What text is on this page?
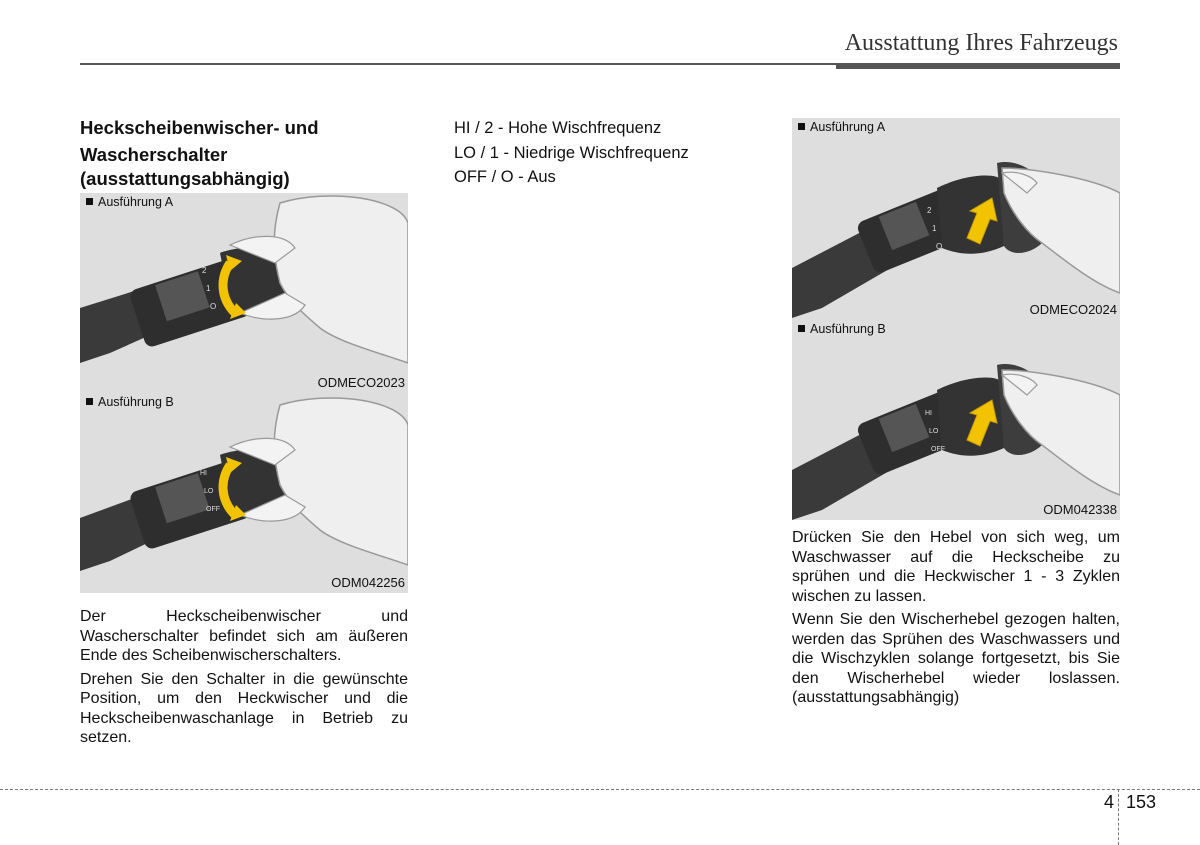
Ausstattung Ihres Fahrzeugs
Heckscheibenwischer- und
Wascherschalter
(ausstattungsabhängig)
2
1
O
Ausführung A
ODMECO2023
AUTO
HI
LO
OFF
Ausführung B
ODM042256

Der Heckscheibenwischer und Wascherschalter befindet sich am äußeren Ende des Scheibenwischerschalters.

Drehen Sie den Schalter in die gewünschte Position, um den Heckwischer und die Heckscheibenwaschanlage in Betrieb zu setzen.

HI / 2 - Hohe Wischfrequenz
LO / 1 - Niedrige Wischfrequenz
OFF / O - Aus
2
1
O
Ausführung A
ODMECO2024
HI
LO
OFF
Ausführung B
ODM042338

Drücken Sie den Hebel von sich weg, um Waschwasser auf die Heckscheibe zu sprühen und die Heckwischer 1 - 3 Zyklen wischen zu lassen.

Wenn Sie den Wischerhebel gezogen halten, werden das Sprühen des Waschwassers und die Wischzyklen solange fortgesetzt, bis Sie den Wischerhebel wieder loslassen. (ausstattungsabhängig)

4 153
